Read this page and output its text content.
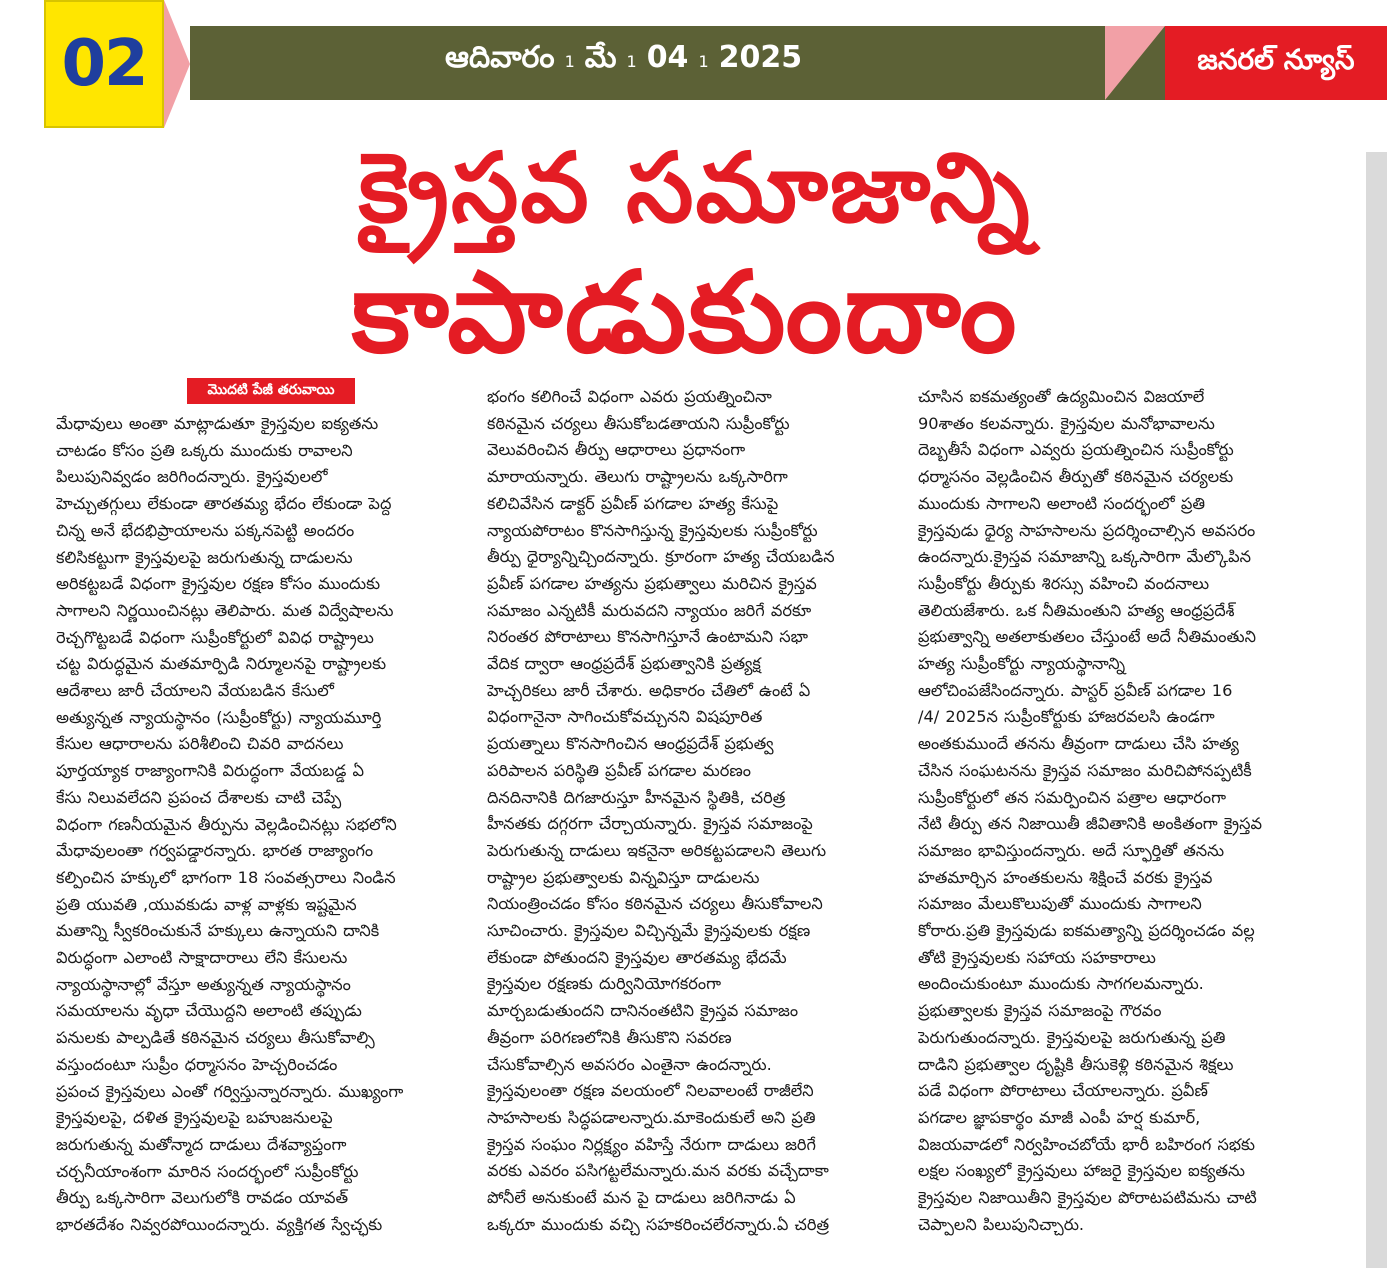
02	ఆదివారం 1 మే 1 04 1 2025	జనరల్ న్యూస్
క్రైస్తవ సమాజాన్ని
కాపాడుకుందాం
మొదటి పేజీ తరువాయి
మేధావులు అంతా మాట్లాడుతూ క్రైస్తవుల ఐక్యతను
చాటడం కోసం ప్రతి ఒక్కరు ముందుకు రావాలని
పిలుపునివ్వడం జరిగిందన్నారు. క్రైస్తవులలో
హెచ్చుతగ్గులు లేకుండా తారతమ్య భేదం లేకుండా పెద్ద
చిన్న అనే భేదభిప్రాయాలను పక్కనపెట్టి అందరం
కలిసికట్టుగా క్రైస్తవులపై జరుగుతున్న దాడులను
అరికట్టబడే విధంగా క్రైస్తవుల రక్షణ కోసం ముందుకు
సాగాలని నిర్ణయించినట్లు తెలిపారు. మత విద్వేషాలను
రెచ్చగొట్టబడే విధంగా సుప్రీంకోర్టులో వివిధ రాష్ట్రాలు
చట్ట విరుద్ధమైన మతమార్పిడి నిర్మూలనపై రాష్ట్రాలకు
ఆదేశాలు జారీ చేయాలని వేయబడిన కేసులో
అత్యున్నత న్యాయస్థానం (సుప్రీంకోర్టు) న్యాయమూర్తి
కేసుల ఆధారాలను పరిశీలించి చివరి వాదనలు
పూర్తయ్యాక రాజ్యాంగానికి విరుద్ధంగా వేయబడ్డ ఏ
కేసు నిలువలేదని ప్రపంచ దేశాలకు చాటి చెప్పే
విధంగా గణనీయమైన తీర్పును వెల్లడించినట్లు సభలోని
మేధావులంతా గర్వపడ్డారన్నారు. భారత రాజ్యాంగం
కల్పించిన హక్కులో భాగంగా 18 సంవత్సరాలు నిండిన
ప్రతి యువతి ,యువకుడు వాళ్ల వాళ్లకు ఇష్టమైన
మతాన్ని స్వీకరించుకునే హక్కులు ఉన్నాయని దానికి
విరుద్ధంగా ఎలాంటి సాక్షాదారాలు లేని కేసులను
న్యాయస్థానాల్లో వేస్తూ అత్యున్నత న్యాయస్థానం
సమయాలను వృధా చేయొద్దని అలాంటి తప్పుడు
పనులకు పాల్పడితే కఠినమైన చర్యలు తీసుకోవాల్సి
వస్తుందంటూ సుప్రీం ధర్మాసనం హెచ్చరించడం
ప్రపంచ క్రైస్తవులు ఎంతో గర్విస్తున్నారన్నారు. ముఖ్యంగా
క్రైస్తవులపై, దళిత క్రైస్తవులపై బహుజనులపై
జరుగుతున్న మతోన్మాద దాడులు దేశవ్యాప్తంగా
చర్చనీయాంశంగా మారిన సందర్భంలో సుప్రీంకోర్టు
తీర్పు ఒక్కసారిగా వెలుగులోకి రావడం యావత్
భారతదేశం నివ్వరపోయిందన్నారు. వ్యక్తిగత స్వేచ్ఛకు
భంగం కలిగించే విధంగా ఎవరు ప్రయత్నించినా
కఠినమైన చర్యలు తీసుకోబడతాయని సుప్రీంకోర్టు
వెలువరించిన తీర్పు ఆధారాలు ప్రధానంగా
మారాయన్నారు. తెలుగు రాష్ట్రాలను ఒక్కసారిగా
కలిచివేసిన డాక్టర్ ప్రవీణ్ పగడాల హత్య కేసుపై
న్యాయపోరాటం కొనసాగిస్తున్న క్రైస్తవులకు సుప్రీంకోర్టు
తీర్పు ధైర్యాన్నిచ్చిందన్నారు. క్రూరంగా హత్య చేయబడిన
ప్రవీణ్ పగడాల హత్యను ప్రభుత్వాలు మరిచిన క్రైస్తవ
సమాజం ఎన్నటికీ మరువదని న్యాయం జరిగే వరకూ
నిరంతర పోరాటాలు కొనసాగిస్తూనే ఉంటామని సభా
వేదిక ద్వారా ఆంధ్రప్రదేశ్ ప్రభుత్వానికి ప్రత్యక్ష
హెచ్చరికలు జారీ చేశారు. అధికారం చేతిలో ఉంటే ఏ
విధంగానైనా సాగించుకోవచ్చునని విషపూరిత
ప్రయత్నాలు కొనసాగించిన ఆంధ్రప్రదేశ్ ప్రభుత్వ
పరిపాలన పరిస్థితి ప్రవీణ్ పగడాల మరణం
దినదినానికి దిగజారుస్తూ హీనమైన స్థితికి, చరిత్ర
హీనతకు దగ్గరగా చేర్చాయన్నారు. క్రైస్తవ సమాజంపై
పెరుగుతున్న దాడులు ఇకనైనా అరికట్టపడాలని తెలుగు
రాష్ట్రాల ప్రభుత్వాలకు విన్నవిస్తూ దాడులను
నియంత్రించడం కోసం కఠినమైన చర్యలు తీసుకోవాలని
సూచించారు. క్రైస్తవుల విచ్చిన్నమే క్రైస్తవులకు రక్షణ
లేకుండా పోతుందని క్రైస్తవుల తారతమ్య భేదమే
క్రైస్తవుల రక్షణకు దుర్వినియోగకరంగా
మార్చబడుతుందని దానినంతటిని క్రైస్తవ సమాజం
తీవ్రంగా పరిగణలోనికి తీసుకొని సవరణ
చేసుకోవాల్సిన అవసరం ఎంతైనా ఉందన్నారు.
క్రైస్తవులంతా రక్షణ వలయంలో నిలవాలంటే రాజీలేని
సాహసాలకు సిద్ధపడాలన్నారు.మాకెందుకులే అని ప్రతి
క్రైస్తవ సంఘం నిర్లక్ష్యం వహిస్తే నేరుగా దాడులు జరిగే
వరకు ఎవరం పసిగట్టలేమన్నారు.మన వరకు వచ్చేదాకా
పోనీలే అనుకుంటే మన పై దాడులు జరిగినాడు ఏ
ఒక్కరూ ముందుకు వచ్చి సహకరించలేరన్నారు.ఏ చరిత్ర
చూసిన ఐకమత్యంతో ఉద్యమించిన విజయాలే
90శాతం కలవన్నారు. క్రైస్తవుల మనోభావాలను
దెబ్బతీసే విధంగా ఎవ్వరు ప్రయత్నించిన సుప్రీంకోర్టు
ధర్మాసనం వెల్లడించిన తీర్పుతో కఠినమైన చర్యలకు
ముందుకు సాగాలని అలాంటి సందర్భంలో ప్రతి
క్రైస్తవుడు ధైర్య సాహసాలను ప్రదర్శించాల్సిన అవసరం
ఉందన్నారు.క్రైస్తవ సమాజాన్ని ఒక్కసారిగా మేల్కొపిన
సుప్రీంకోర్టు తీర్పుకు శిరస్సు వహించి వందనాలు
తెలియజేశారు. ఒక నీతిమంతుని హత్య ఆంధ్రప్రదేశ్
ప్రభుత్వాన్ని అతలాకుతలం చేస్తుంటే అదే నీతిమంతుని
హత్య సుప్రీంకోర్టు న్యాయస్థానాన్ని
ఆలోచింపజేసిందన్నారు. పాస్టర్ ప్రవీణ్ పగడాల 16
/4/ 2025న సుప్రీంకోర్టుకు హాజరవలసి ఉండగా
అంతకుముందే తనను తీవ్రంగా దాడులు చేసి హత్య
చేసిన సంఘటనను క్రైస్తవ సమాజం మరిచిపోనప్పటికీ
సుప్రీంకోర్టులో తన సమర్పించిన పత్రాల ఆధారంగా
నేటి తీర్పు తన నిజాయితీ జీవితానికి అంకితంగా క్రైస్తవ
సమాజం భావిస్తుందన్నారు. అదే స్ఫూర్తితో తనను
హతమార్చిన హంతకులను శిక్షించే వరకు క్రైస్తవ
సమాజం మేలుకొలుపుతో ముందుకు సాగాలని
కోరారు.ప్రతి క్రైస్తవుడు ఐకమత్యాన్ని ప్రదర్శించడం వల్ల
తోటి క్రైస్తవులకు సహాయ సహకారాలు
అందించుకుంటూ ముందుకు సాగగలమన్నారు.
ప్రభుత్వాలకు క్రైస్తవ సమాజంపై గౌరవం
పెరుగుతుందన్నారు. క్రైస్తవులపై జరుగుతున్న ప్రతి
దాడిని ప్రభుత్వాల దృష్టికి తీసుకెళ్లి కఠినమైన శిక్షలు
పడే విధంగా పోరాటాలు చేయాలన్నారు. ప్రవీణ్
పగడాల జ్ఞాపకార్థం మాజీ ఎంపీ హర్ష కుమార్,
విజయవాడలో నిర్వహించబోయే భారీ బహిరంగ సభకు
లక్షల సంఖ్యలో క్రైస్తవులు హాజరై క్రైస్తవుల ఐక్యతను
క్రైస్తవుల నిజాయితీని క్రైస్తవుల పోరాటపటిమను చాటి
చెప్పాలని పిలుపునిచ్చారు.
